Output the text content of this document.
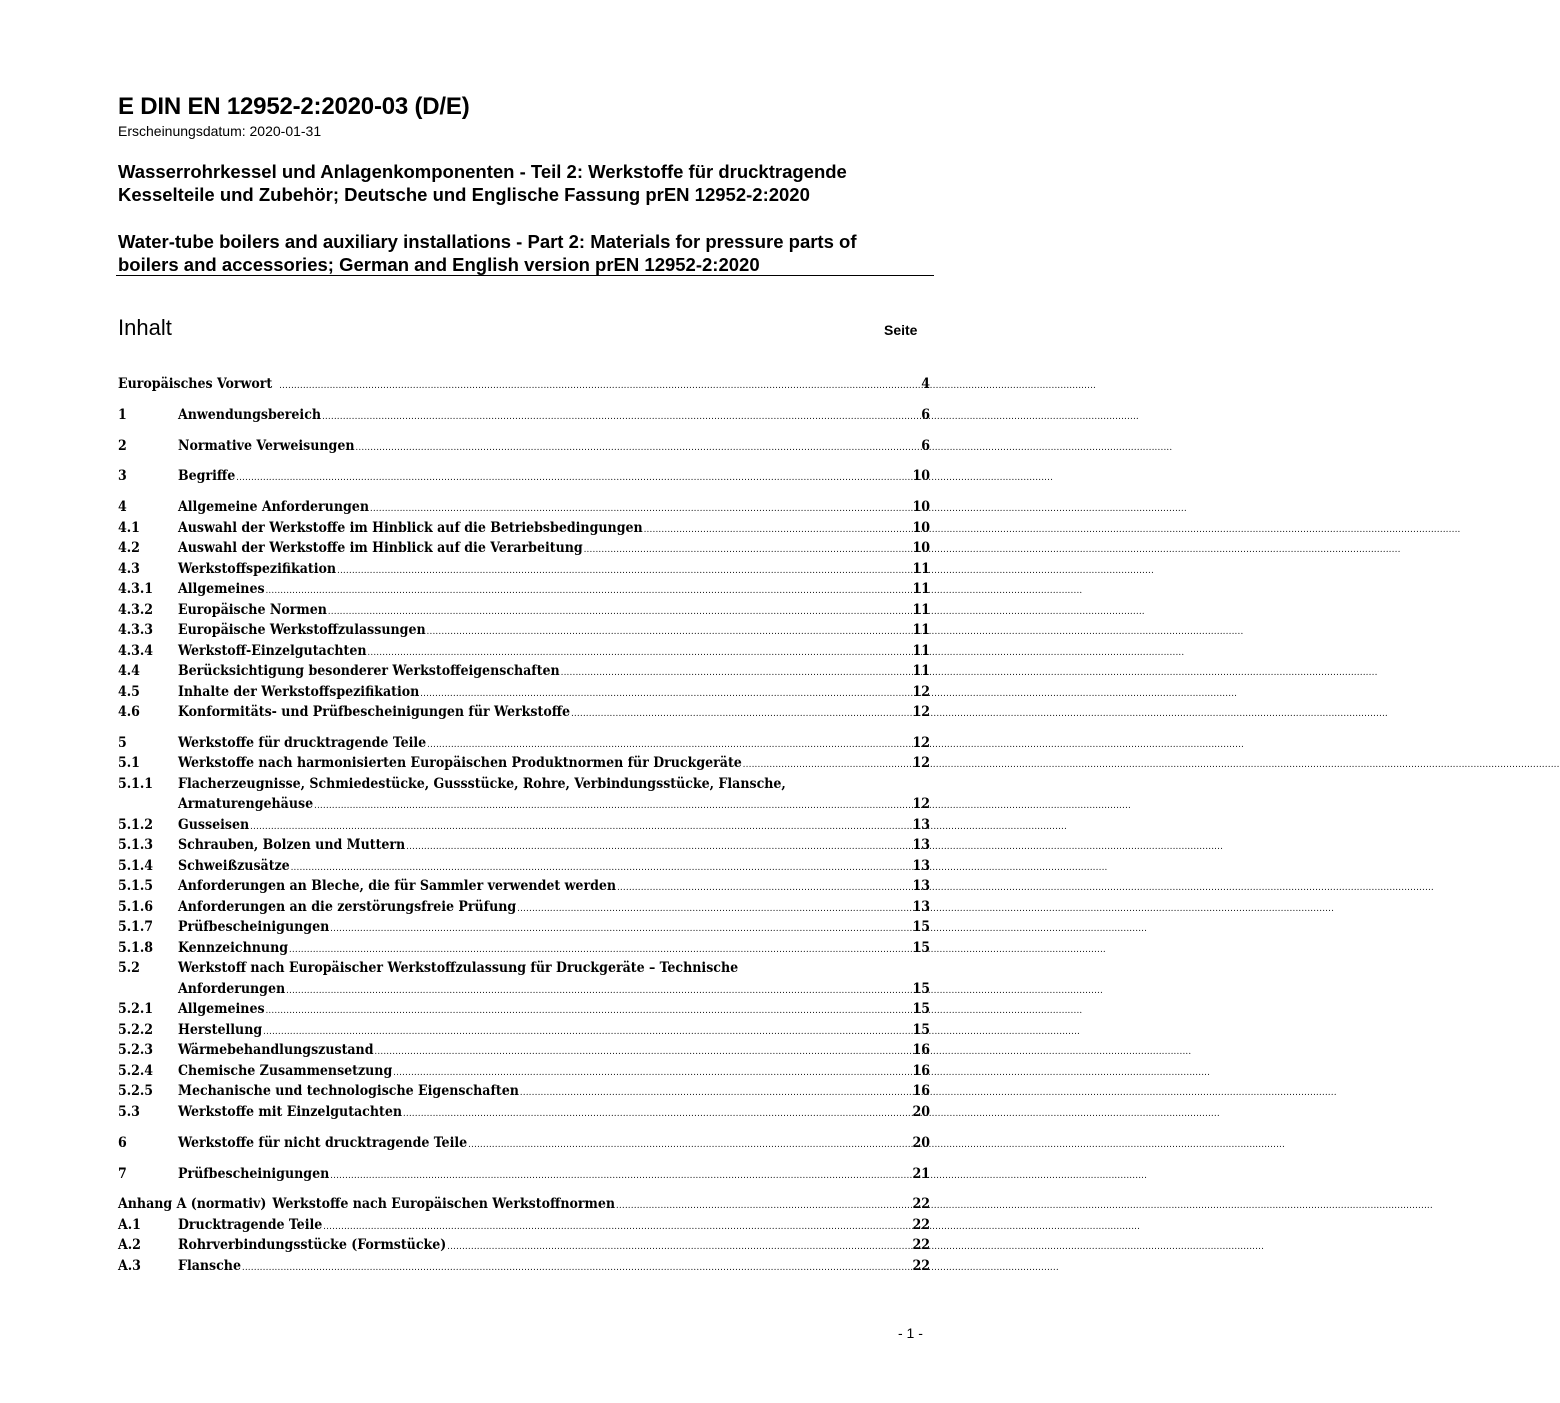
E DIN EN 12952-2:2020-03 (D/E)
Erscheinungsdatum: 2020-01-31
Wasserrohrkessel und Anlagenkomponenten - Teil 2: Werkstoffe für drucktragende
Kesselteile und Zubehör; Deutsche und Englische Fassung prEN 12952-2:2020
Water-tube boilers and auxiliary installations - Part 2: Materials for pressure parts of
boilers and accessories; German and English version prEN 12952-2:2020
Inhalt	Seite
Europäisches Vorwort .....	4
1	Anwendungsbereich .....	6
2	Normative Verweisungen .....	6
3	Begriffe .....	10
4	Allgemeine Anforderungen .....	10
4.1	Auswahl der Werkstoffe im Hinblick auf die Betriebsbedingungen .....	10
4.2	Auswahl der Werkstoffe im Hinblick auf die Verarbeitung .....	10
4.3	Werkstoffspezifikation .....	11
4.3.1	Allgemeines .....	11
4.3.2	Europäische Normen .....	11
4.3.3	Europäische Werkstoffzulassungen .....	11
4.3.4	Werkstoff-Einzelgutachten .....	11
4.4	Berücksichtigung besonderer Werkstoffeigenschaften .....	11
4.5	Inhalte der Werkstoffspezifikation .....	12
4.6	Konformitäts- und Prüfbescheinigungen für Werkstoffe .....	12
5	Werkstoffe für drucktragende Teile .....	12
5.1	Werkstoffe nach harmonisierten Europäischen Produktnormen für Druckgeräte .....	12
5.1.1	Flacherzeugnisse, Schmiedestücke, Gussstücke, Rohre, Verbindungsstücke, Flansche,
Armaturengehäuse .....	12
5.1.2	Gusseisen .....	13
5.1.3	Schrauben, Bolzen und Muttern .....	13
5.1.4	Schweißzusätze .....	13
5.1.5	Anforderungen an Bleche, die für Sammler verwendet werden .....	13
5.1.6	Anforderungen an die zerstörungsfreie Prüfung .....	13
5.1.7	Prüfbescheinigungen .....	15
5.1.8	Kennzeichnung .....	15
5.2	Werkstoff nach Europäischer Werkstoffzulassung für Druckgeräte – Technische
Anforderungen .....	15
5.2.1	Allgemeines .....	15
5.2.2	Herstellung .....	15
5.2.3	Wärmebehandlungszustand .....	16
5.2.4	Chemische Zusammensetzung .....	16
5.2.5	Mechanische und technologische Eigenschaften .....	16
5.3	Werkstoffe mit Einzelgutachten .....	20
6	Werkstoffe für nicht drucktragende Teile .....	20
7	Prüfbescheinigungen .....	21
Anhang A (normativ) Werkstoffe nach Europäischen Werkstoffnormen .....	22
A.1	Drucktragende Teile .....	22
A.2	Rohrverbindungsstücke (Formstücke) .....	22
A.3	Flansche .....	22
- 1 -
